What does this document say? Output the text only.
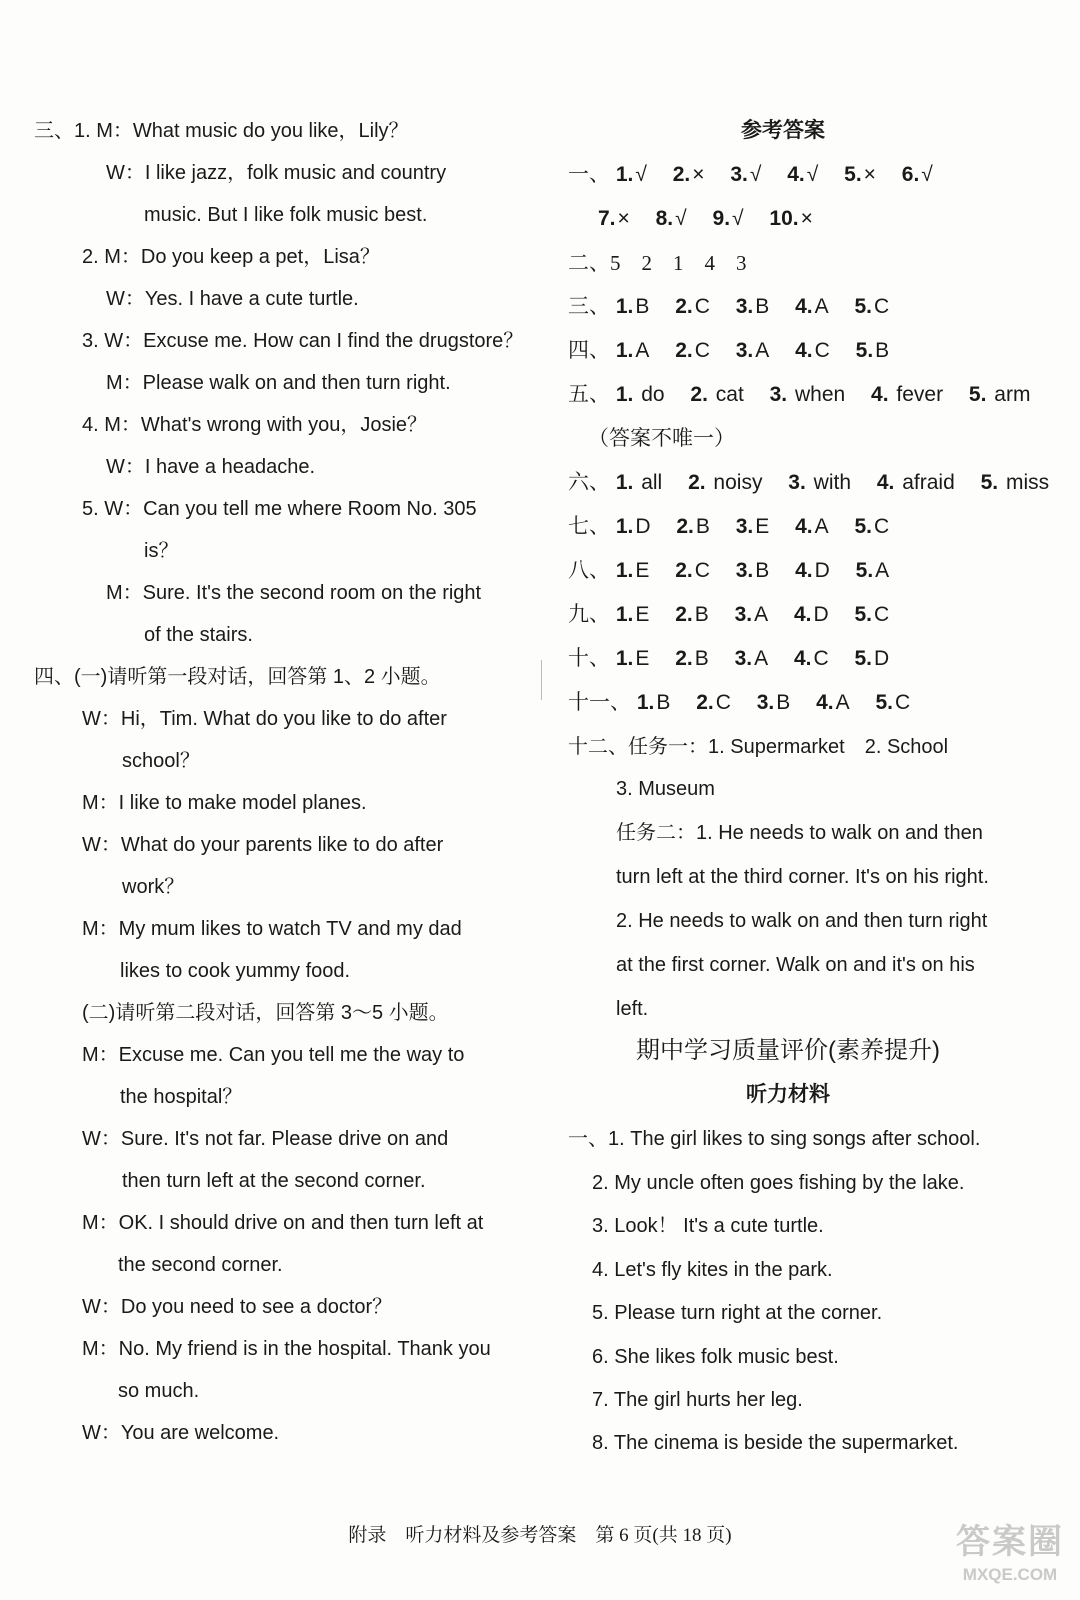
三、1. M：What music do you like，Lily？
W：I like jazz，folk music and country
music. But I like folk music best.
2. M：Do you keep a pet，Lisa？
W：Yes. I have a cute turtle.
3. W：Excuse me. How can I find the drugstore？
M：Please walk on and then turn right.
4. M：What's wrong with you，Josie？
W：I have a headache.
5. W：Can you tell me where Room No. 305
is？
M：Sure. It's the second room on the right
of the stairs.
四、(一)请听第一段对话，回答第 1、2 小题。
W：Hi，Tim. What do you like to do after
school？
M：I like to make model planes.
W：What do your parents like to do after
work？
M：My mum likes to watch TV and my dad
likes to cook yummy food.
(二)请听第二段对话，回答第 3～5 小题。
M：Excuse me. Can you tell me the way to
the hospital？
W：Sure. It's not far. Please drive on and
then turn left at the second corner.
M：OK. I should drive on and then turn left at
the second corner.
W：Do you need to see a doctor？
M：No. My friend is in the hospital. Thank you
so much.
W：You are welcome.
参考答案
一、 1.√ 2.× 3.√ 4.√ 5.× 6.√
7.× 8.√ 9.√ 10.×
二、5　2　1　4　3
三、 1.B 2.C 3.B 4.A 5.C
四、 1.A 2.C 3.A 4.C 5.B
五、 1. do 2. cat 3. when 4. fever 5. arm
（答案不唯一）
六、 1. all 2. noisy 3. with 4. afraid 5. miss
七、 1.D 2.B 3.E 4.A 5.C
八、 1.E 2.C 3.B 4.D 5.A
九、 1.E 2.B 3.A 4.D 5.C
十、 1.E 2.B 3.A 4.C 5.D
十一、 1.B 2.C 3.B 4.A 5.C
十二、任务一：1. Supermarket　2. School
3. Museum
任务二：1. He needs to walk on and then
turn left at the third corner. It's on his right.
2. He needs to walk on and then turn right
at the first corner. Walk on and it's on his
left.
期中学习质量评价(素养提升)
听力材料
一、1. The girl likes to sing songs after school.
2. My uncle often goes fishing by the lake.
3. Look！ It's a cute turtle.
4. Let's fly kites in the park.
5. Please turn right at the corner.
6. She likes folk music best.
7. The girl hurts her leg.
8. The cinema is beside the supermarket.
附录　听力材料及参考答案　第 6 页(共 18 页)	答案圈
MXQE.COM
